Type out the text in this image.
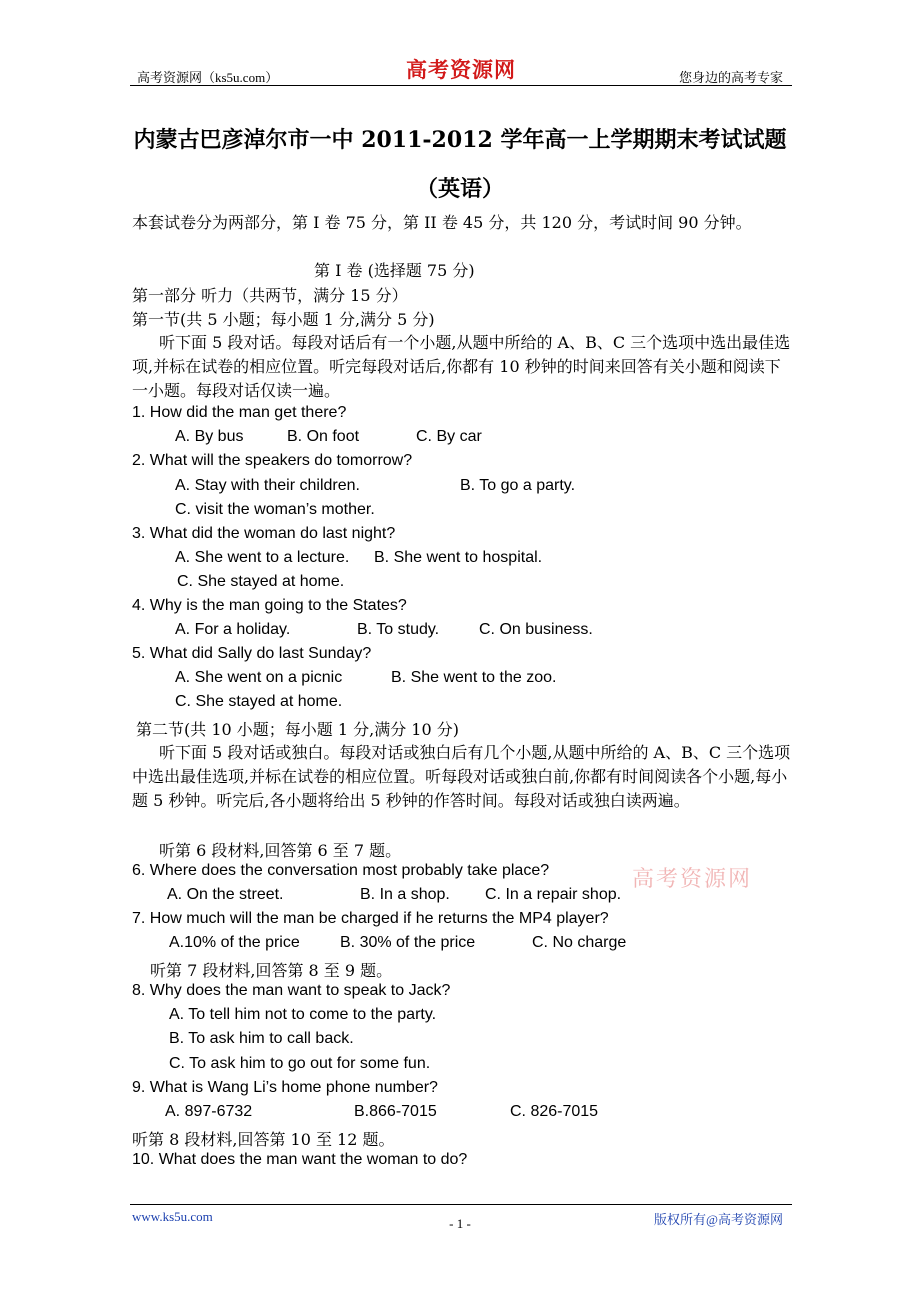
高考资源网（ks5u.com）	高考资源网	您身边的高考专家
内蒙古巴彦淖尔市一中 2011-2012 学年高一上学期期末考试试题
（英语）
本套试卷分为两部分，第 I 卷 75 分，第 II 卷 45 分，共 120 分，考试时间 90 分钟。
第 I 卷 (选择题 75 分)
第一部分 听力（共两节，满分 15 分）
第一节(共 5 小题；每小题 1 分,满分 5 分)
听下面 5 段对话。每段对话后有一个小题,从题中所给的 A、B、C 三个选项中选出最佳选项,并标在试卷的相应位置。听完每段对话后,你都有 10 秒钟的时间来回答有关小题和阅读下一小题。每段对话仅读一遍。
1. How did the man get there?
A. By bus	B. On foot	C. By car
2. What will the speakers do tomorrow?
A. Stay with their children.	B. To go a party.
C. visit the woman’s mother.
3. What did the woman do last night?
A. She went to a lecture. B. She went to hospital.
C. She stayed at home.
4. Why is the man going to the States?
A. For a holiday.	B. To study. C. On business.
5. What did Sally do last Sunday?
A. She went on a picnic	B. She went to the zoo.
C. She stayed at home.
第二节(共 10 小题；每小题 1 分,满分 10 分)
听下面 5 段对话或独白。每段对话或独白后有几个小题,从题中所给的 A、B、C 三个选项中选出最佳选项,并标在试卷的相应位置。听每段对话或独白前,你都有时间阅读各个小题,每小题 5 秒钟。听完后,各小题将给出 5 秒钟的作答时间。每段对话或独白读两遍。
听第 6 段材料,回答第 6 至 7 题。
6. Where does the conversation most probably take place?
A. On the street.	B. In a shop. C. In a repair shop.
高考资源网
7. How much will the man be charged if he returns the MP4 player?
A.10% of the price	B. 30% of the price	C. No charge
听第 7 段材料,回答第 8 至 9 题。
8. Why does the man want to speak to Jack?
A. To tell him not to come to the party.
B. To ask him to call back.
C. To ask him to go out for some fun.
9. What is Wang Li’s home phone number?
A. 897-6732	B.866-7015	C. 826-7015
听第 8 段材料,回答第 10 至 12 题。
10. What does the man want the woman to do?
www.ks5u.com	- 1 -	版权所有@高考资源网
